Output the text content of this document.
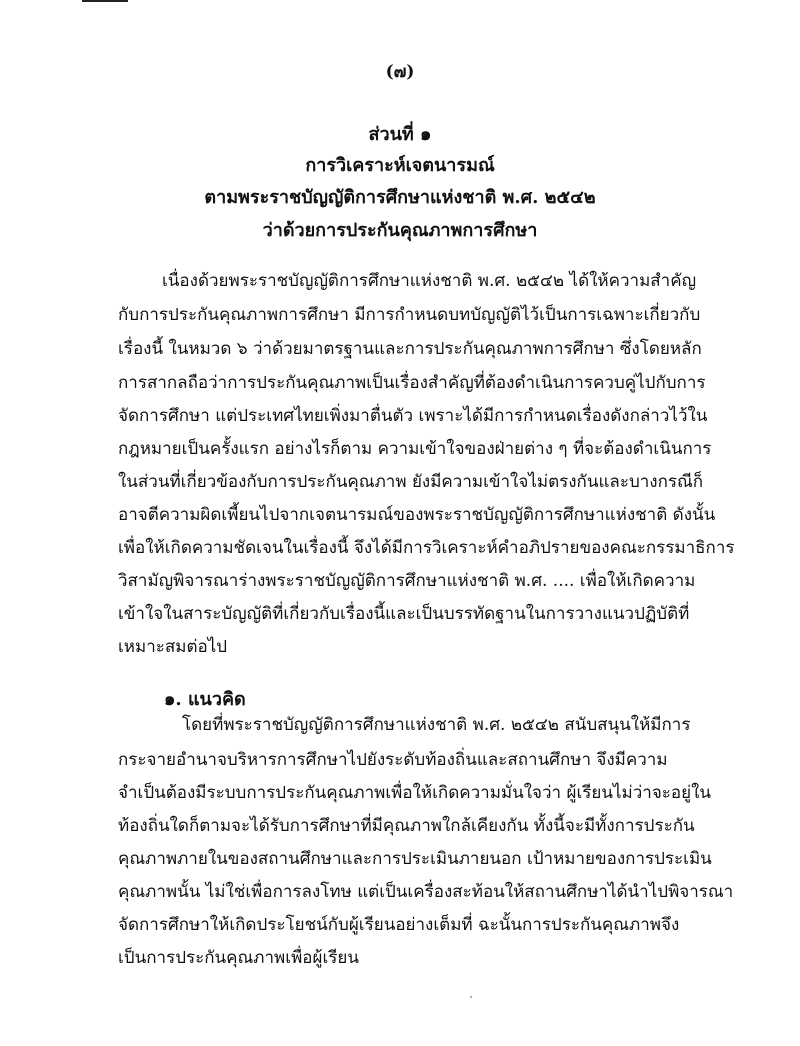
(๗)
ส่วนที่ ๑
การวิเคราะห์เจตนารมณ์
ตามพระราชบัญญัติการศึกษาแห่งชาติ พ.ศ. ๒๕๔๒
ว่าด้วยการประกันคุณภาพการศึกษา
เนื่องด้วยพระราชบัญญัติการศึกษาแห่งชาติ พ.ศ. ๒๕๔๒ ได้ให้ความสำคัญ
กับการประกันคุณภาพการศึกษา มีการกำหนดบทบัญญัติไว้เป็นการเฉพาะเกี่ยวกับ
เรื่องนี้ ในหมวด ๖ ว่าด้วยมาตรฐานและการประกันคุณภาพการศึกษา ซึ่งโดยหลัก
การสากลถือว่าการประกันคุณภาพเป็นเรื่องสำคัญที่ต้องดำเนินการควบคู่ไปกับการ
จัดการศึกษา แต่ประเทศไทยเพิ่งมาตื่นตัว เพราะได้มีการกำหนดเรื่องดังกล่าวไว้ใน
กฎหมายเป็นครั้งแรก อย่างไรก็ตาม ความเข้าใจของฝ่ายต่าง ๆ ที่จะต้องดำเนินการ
ในส่วนที่เกี่ยวข้องกับการประกันคุณภาพ ยังมีความเข้าใจไม่ตรงกันและบางกรณีก็
อาจตีความผิดเพี้ยนไปจากเจตนารมณ์ของพระราชบัญญัติการศึกษาแห่งชาติ ดังนั้น
เพื่อให้เกิดความชัดเจนในเรื่องนี้ จึงได้มีการวิเคราะห์คำอภิปรายของคณะกรรมาธิการ
วิสามัญพิจารณาร่างพระราชบัญญัติการศึกษาแห่งชาติ พ.ศ. .... เพื่อให้เกิดความ
เข้าใจในสาระบัญญัติที่เกี่ยวกับเรื่องนี้และเป็นบรรทัดฐานในการวางแนวปฏิบัติที่
เหมาะสมต่อไป
๑. แนวคิด
โดยที่พระราชบัญญัติการศึกษาแห่งชาติ พ.ศ. ๒๕๔๒ สนับสนุนให้มีการ
กระจายอำนาจบริหารการศึกษาไปยังระดับท้องถิ่นและสถานศึกษา จึงมีความ
จำเป็นต้องมีระบบการประกันคุณภาพเพื่อให้เกิดความมั่นใจว่า ผู้เรียนไม่ว่าจะอยู่ใน
ท้องถิ่นใดก็ตามจะได้รับการศึกษาที่มีคุณภาพใกล้เคียงกัน ทั้งนี้จะมีทั้งการประกัน
คุณภาพภายในของสถานศึกษาและการประเมินภายนอก เป้าหมายของการประเมิน
คุณภาพนั้น ไม่ใช่เพื่อการลงโทษ แต่เป็นเครื่องสะท้อนให้สถานศึกษาได้นำไปพิจารณา
จัดการศึกษาให้เกิดประโยชน์กับผู้เรียนอย่างเต็มที่ ฉะนั้นการประกันคุณภาพจึง
เป็นการประกันคุณภาพเพื่อผู้เรียน
